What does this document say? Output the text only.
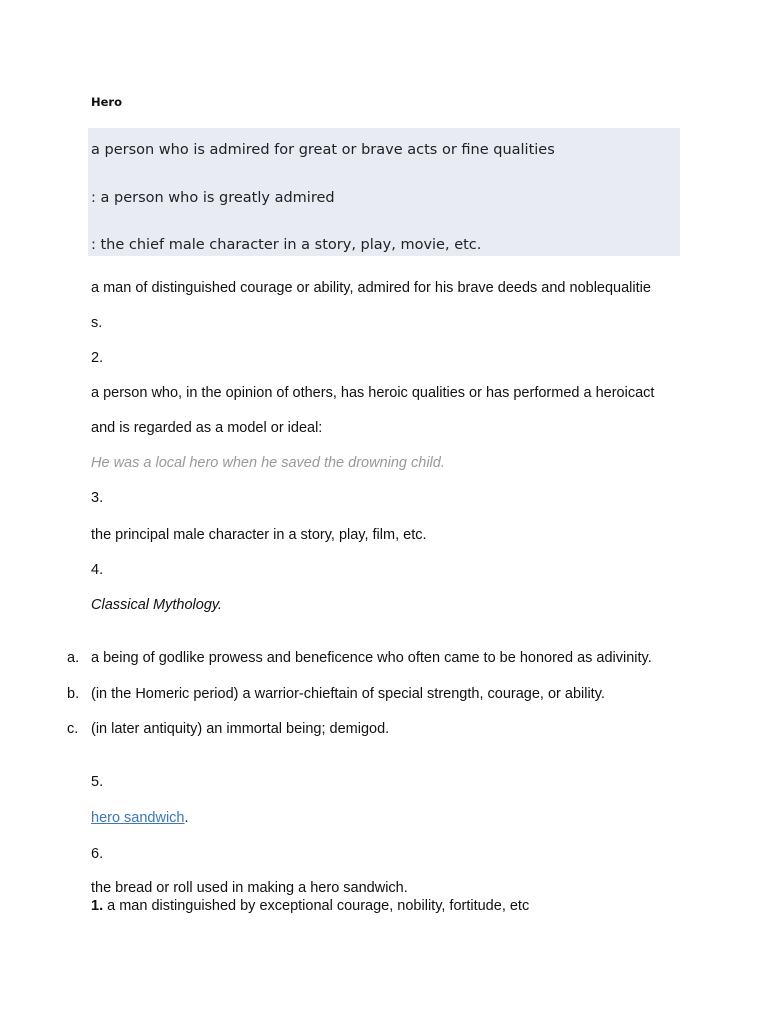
Hero
a person who is admired for great or brave acts or fine qualities
: a person who is greatly admired
: the chief male character in a story, play, movie, etc.
a man of distinguished courage or ability, admired for his brave deeds and noblequalitie
s.
2.
a person who, in the opinion of others, has heroic qualities or has performed a heroicact
and is regarded as a model or ideal:
He was a local hero when he saved the drowning child.
3.
the principal male character in a story, play, film, etc.
4.
Classical Mythology.
a. a being of godlike prowess and beneficence who often came to be honored as adivinity.
b. (in the Homeric period) a warrior-chieftain of special strength, courage, or ability.
c. (in later antiquity) an immortal being; demigod.
5.
hero sandwich.
6.
the bread or roll used in making a hero sandwich.
1. a man distinguished by exceptional courage, nobility, fortitude, etc
